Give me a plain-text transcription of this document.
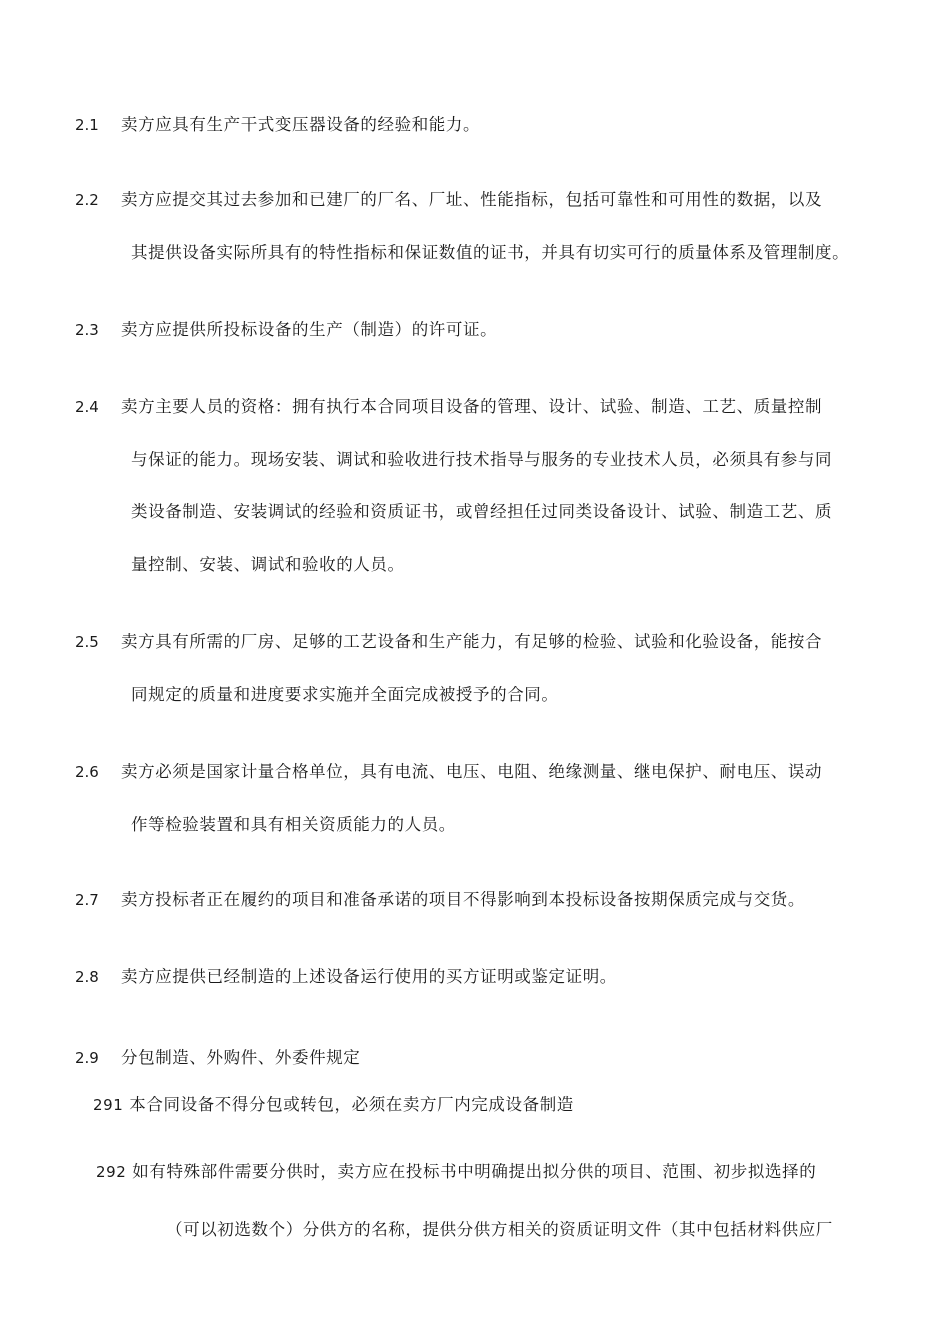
2.1 卖方应具有生产干式变压器设备的经验和能力。
2.2 卖方应提交其过去参加和已建厂的厂名、厂址、性能指标，包括可靠性和可用性的数据，以及
其提供设备实际所具有的特性指标和保证数值的证书，并具有切实可行的质量体系及管理制度。
2.3 卖方应提供所投标设备的生产（制造）的许可证。
2.4 卖方主要人员的资格：拥有执行本合同项目设备的管理、设计、试验、制造、工艺、质量控制
与保证的能力。现场安装、调试和验收进行技术指导与服务的专业技术人员，必须具有参与同
类设备制造、安装调试的经验和资质证书，或曾经担任过同类设备设计、试验、制造工艺、质
量控制、安装、调试和验收的人员。
2.5 卖方具有所需的厂房、足够的工艺设备和生产能力，有足够的检验、试验和化验设备，能按合
同规定的质量和进度要求实施并全面完成被授予的合同。
2.6 卖方必须是国家计量合格单位，具有电流、电压、电阻、绝缘测量、继电保护、耐电压、误动
作等检验装置和具有相关资质能力的人员。
2.7 卖方投标者正在履约的项目和准备承诺的项目不得影响到本投标设备按期保质完成与交货。
2.8 卖方应提供已经制造的上述设备运行使用的买方证明或鉴定证明。
2.9 分包制造、外购件、外委件规定
291 本合同设备不得分包或转包，必须在卖方厂内完成设备制造
292 如有特殊部件需要分供时，卖方应在投标书中明确提出拟分供的项目、范围、初步拟选择的
（可以初选数个）分供方的名称，提供分供方相关的资质证明文件（其中包括材料供应厂
